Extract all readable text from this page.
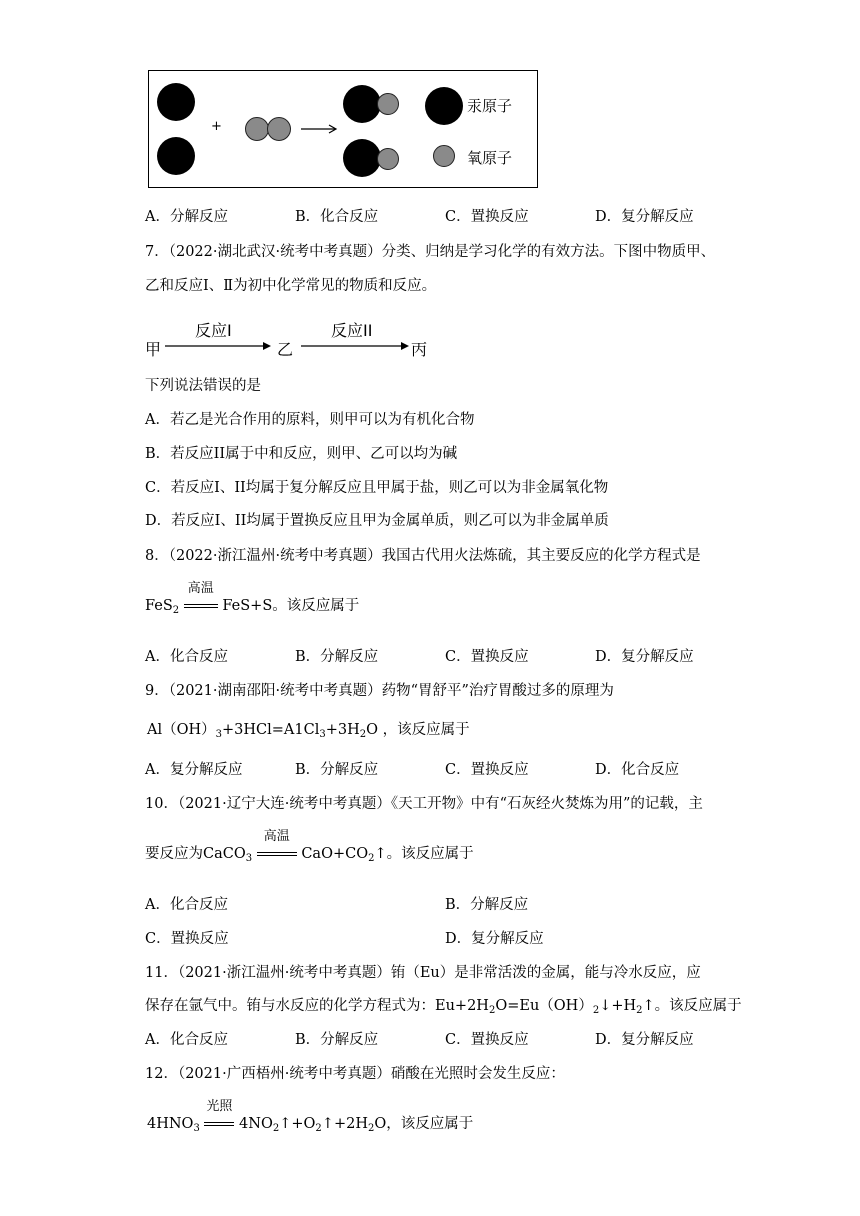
+
汞原子
氧原子
A．分解反应	B．化合反应	C．置换反应	D．复分解反应
7．（2022·湖北武汉·统考中考真题）分类、归纳是学习化学的有效方法。下图中物质甲、
乙和反应Ⅰ、Ⅱ为初中化学常见的物质和反应。
甲
反应I
乙
反应II
丙
下列说法错误的是
A．若乙是光合作用的原料，则甲可以为有机化合物
B．若反应II属于中和反应，则甲、乙可以均为碱
C．若反应Ⅰ、II均属于复分解反应且甲属于盐，则乙可以为非金属氧化物
D．若反应Ⅰ、II均属于置换反应且甲为金属单质，则乙可以为非金属单质
8．（2022·浙江温州·统考中考真题）我国古代用火法炼硫，其主要反应的化学方程式是
FeS$_2$
高温
FeS+S。该反应属于
A．化合反应	B．分解反应	C．置换反应	D．复分解反应
9．（2021·湖南邵阳·统考中考真题）药物“胃舒平”治疗胃酸过多的原理为
$Al(OH)_3+3HCl=A1Cl_3+3H_2O$ ，该反应属于
A．复分解反应	B．分解反应	C．置换反应	D．化合反应
10．（2021·辽宁大连·统考中考真题）《天工开物》中有“石灰经火焚炼为用”的记载，主
要反应为CaCO$_3$
高温
$CaO+CO_2↑$。该反应属于
A．化合反应	B．分解反应
C．置换反应	D．复分解反应
11．（2021·浙江温州·统考中考真题）铕（Eu）是非常活泼的金属，能与冷水反应，应
保存在氩气中。铕与水反应的化学方程式为：$Eu+2H_2O=Eu(OH)_2↓+H_2↑$。该反应属于
A．化合反应	B．分解反应	C．置换反应	D．复分解反应
12．（2021·广西梧州·统考中考真题）硝酸在光照时会发生反应：
$4HNO_3$
光照
$4NO_2↑+O_2↑+2H_2O$，该反应属于
